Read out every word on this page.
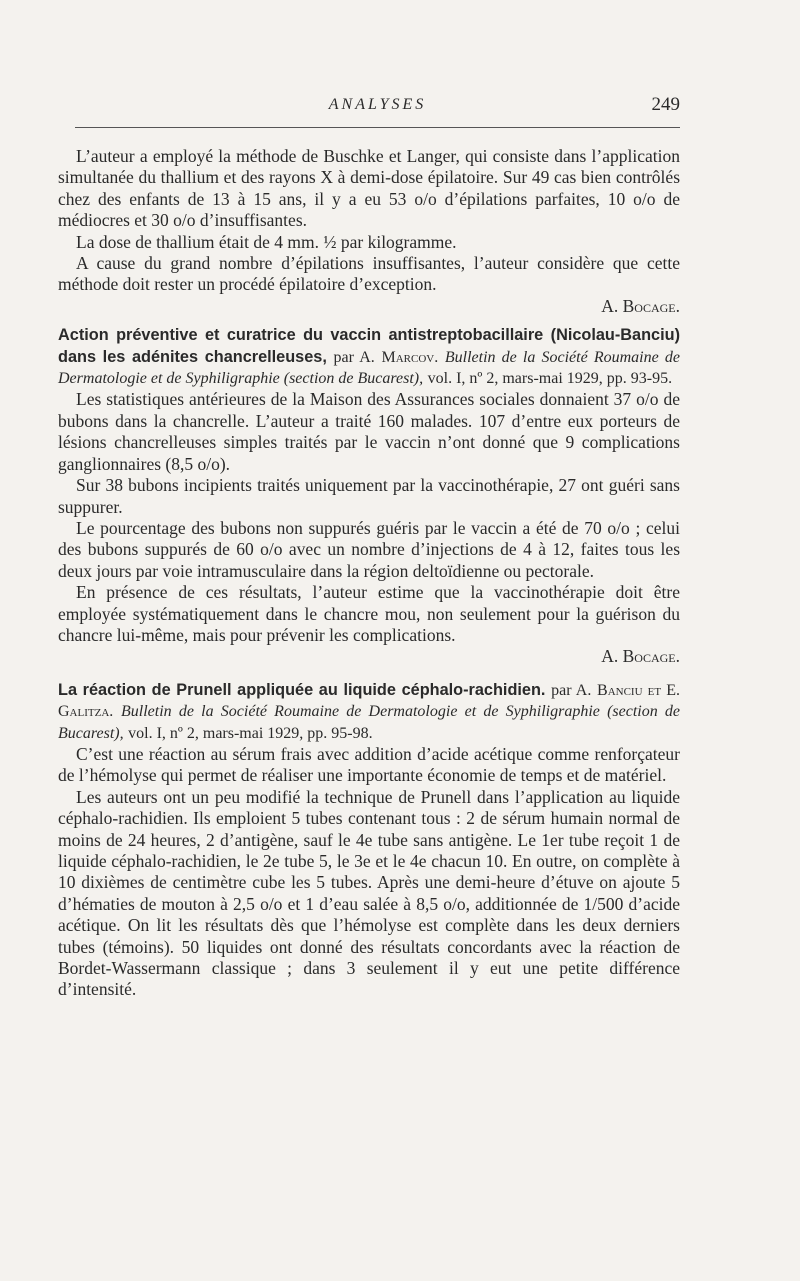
ANALYSES	249

L’auteur a employé la méthode de Buschke et Langer, qui consiste dans l’application simultanée du thallium et des rayons X à demi-dose épilatoire. Sur 49 cas bien contrôlés chez des enfants de 13 à 15 ans, il y a eu 53 o/o d’épilations parfaites, 10 o/o de médiocres et 30 o/o d’insuffisantes.

La dose de thallium était de 4 mm. ½ par kilogramme.

A cause du grand nombre d’épilations insuffisantes, l’auteur considère que cette méthode doit rester un procédé épilatoire d’exception.

A. Bocage.

Action préventive et curatrice du vaccin antistreptobacillaire (Nicolau-Banciu) dans les adénites chancrelleuses, par A. Marcov. Bulletin de la Société Roumaine de Dermatologie et de Syphiligraphie (section de Bucarest), vol. I, nº 2, mars-mai 1929, pp. 93-95.

Les statistiques antérieures de la Maison des Assurances sociales donnaient 37 o/o de bubons dans la chancrelle. L’auteur a traité 160 malades. 107 d’entre eux porteurs de lésions chancrelleuses simples traités par le vaccin n’ont donné que 9 complications ganglionnaires (8,5 o/o).

Sur 38 bubons incipients traités uniquement par la vaccinothérapie, 27 ont guéri sans suppurer.

Le pourcentage des bubons non suppurés guéris par le vaccin a été de 70 o/o ; celui des bubons suppurés de 60 o/o avec un nombre d’injections de 4 à 12, faites tous les deux jours par voie intramusculaire dans la région deltoïdienne ou pectorale.

En présence de ces résultats, l’auteur estime que la vaccinothérapie doit être employée systématiquement dans le chancre mou, non seulement pour la guérison du chancre lui-même, mais pour prévenir les complications.

A. Bocage.

La réaction de Prunell appliquée au liquide céphalo-rachidien. par A. Banciu et E. Galitza. Bulletin de la Société Roumaine de Dermatologie et de Syphiligraphie (section de Bucarest), vol. I, nº 2, mars-mai 1929, pp. 95-98.

C’est une réaction au sérum frais avec addition d’acide acétique comme renforçateur de l’hémolyse qui permet de réaliser une importante économie de temps et de matériel.

Les auteurs ont un peu modifié la technique de Prunell dans l’application au liquide céphalo-rachidien. Ils emploient 5 tubes contenant tous : 2 de sérum humain normal de moins de 24 heures, 2 d’antigène, sauf le 4e tube sans antigène. Le 1er tube reçoit 1 de liquide céphalo-rachidien, le 2e tube 5, le 3e et le 4e chacun 10. En outre, on complète à 10 dixièmes de centimètre cube les 5 tubes. Après une demi-heure d’étuve on ajoute 5 d’hématies de mouton à 2,5 o/o et 1 d’eau salée à 8,5 o/o, additionnée de 1/500 d’acide acétique. On lit les résultats dès que l’hémolyse est complète dans les deux derniers tubes (témoins). 50 liquides ont donné des résultats concordants avec la réaction de Bordet-Wassermann classique ; dans 3 seulement il y eut une petite différence d’intensité.
